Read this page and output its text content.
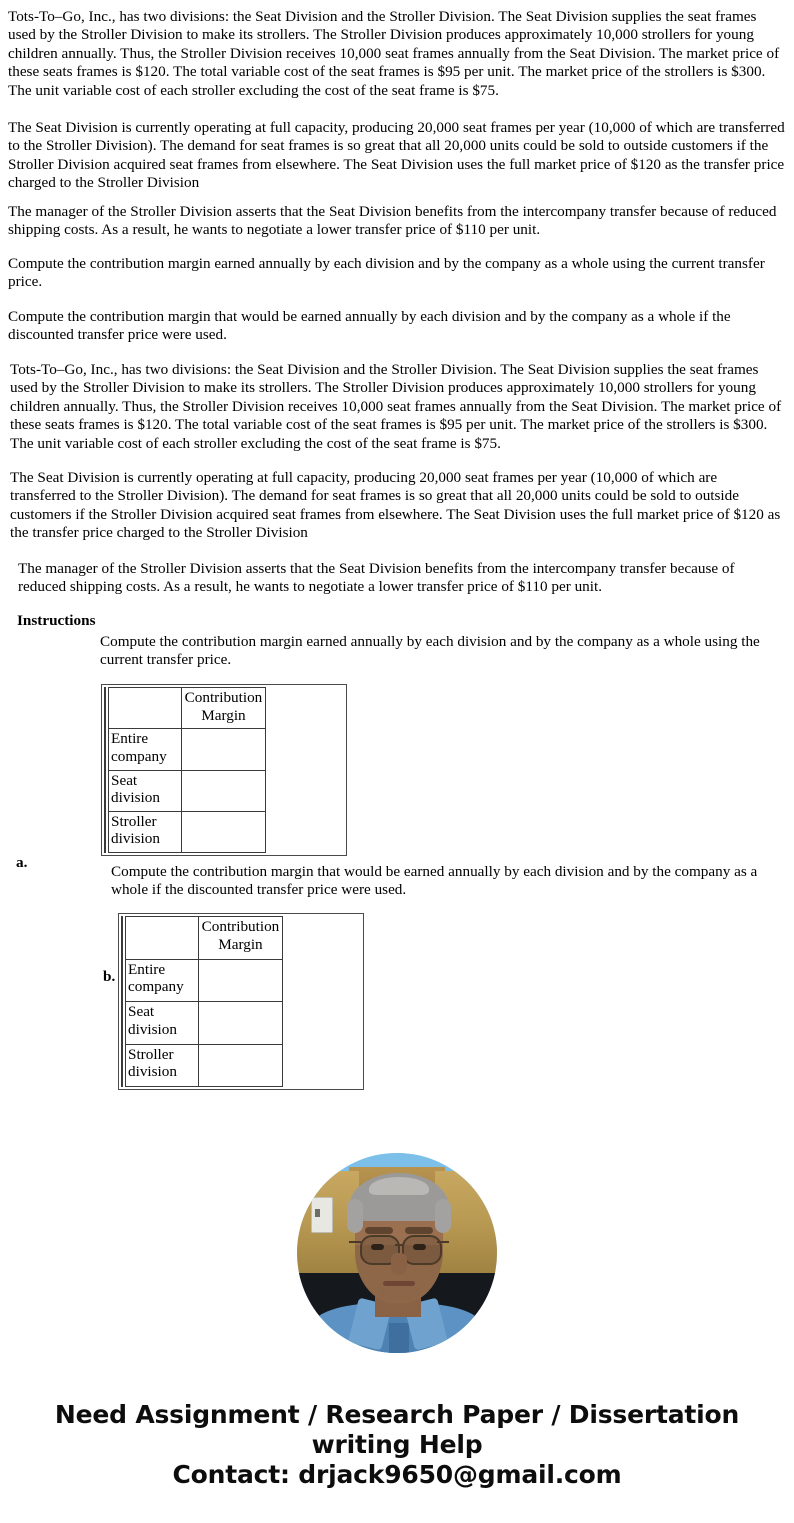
Tots-To–Go, Inc., has two divisions: the Seat Division and the Stroller Division. The Seat Division supplies the seat frames used by the Stroller Division to make its strollers. The Stroller Division produces approximately 10,000 strollers for young children annually. Thus, the Stroller Division receives 10,000 seat frames annually from the Seat Division. The market price of these seats frames is $120. The total variable cost of the seat frames is $95 per unit. The market price of the strollers is $300. The unit variable cost of each stroller excluding the cost of the seat frame is $75.
The Seat Division is currently operating at full capacity, producing 20,000 seat frames per year (10,000 of which are transferred to the Stroller Division). The demand for seat frames is so great that all 20,000 units could be sold to outside customers if the Stroller Division acquired seat frames from elsewhere. The Seat Division uses the full market price of $120 as the transfer price charged to the Stroller Division
The manager of the Stroller Division asserts that the Seat Division benefits from the intercompany transfer because of reduced shipping costs. As a result, he wants to negotiate a lower transfer price of $110 per unit.
Compute the contribution margin earned annually by each division and by the company as a whole using the current transfer price.
Compute the contribution margin that would be earned annually by each division and by the company as a whole if the discounted transfer price were used.
Tots-To–Go, Inc., has two divisions: the Seat Division and the Stroller Division. The Seat Division supplies the seat frames used by the Stroller Division to make its strollers. The Stroller Division produces approximately 10,000 strollers for young children annually. Thus, the Stroller Division receives 10,000 seat frames annually from the Seat Division. The market price of these seats frames is $120. The total variable cost of the seat frames is $95 per unit. The market price of the strollers is $300. The unit variable cost of each stroller excluding the cost of the seat frame is $75.
The Seat Division is currently operating at full capacity, producing 20,000 seat frames per year (10,000 of which are transferred to the Stroller Division). The demand for seat frames is so great that all 20,000 units could be sold to outside customers if the Stroller Division acquired seat frames from elsewhere. The Seat Division uses the full market price of $120 as the transfer price charged to the Stroller Division
The manager of the Stroller Division asserts that the Seat Division benefits from the intercompany transfer because of reduced shipping costs. As a result, he wants to negotiate a lower transfer price of $110 per unit.
Instructions
Compute the contribution margin earned annually by each division and by the company as a whole using the current transfer price.
a.

	Contribution
Margin	

Entire
company		

Seat
division		

Stroller
division		

Compute the contribution margin that would be earned annually by each division and by the company as a whole if the discounted transfer price were used.
b.

	Contribution
Margin	

Entire
company		

Seat
division		

Stroller
division		

Need Assignment / Research Paper / Dissertation
writing Help
Contact: drjack9650@gmail.com
